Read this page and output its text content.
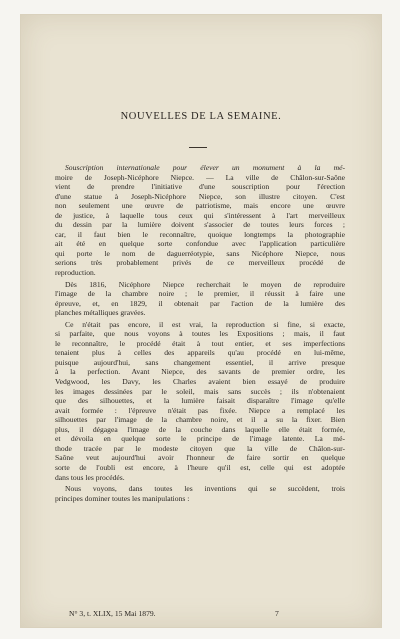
NOUVELLES DE LA SEMAINE.
Souscription internationale pour élever un monument à la mé-
moire de Joseph-Nicéphore Niepce. — La ville de Châlon-sur-Saône
vient de prendre l'initiative d'une souscription pour l'érection
d'une statue à Joseph-Nicéphore Niepce, son illustre citoyen. C'est
non seulement une œuvre de patriotisme, mais encore une œuvre
de justice, à laquelle tous ceux qui s'intéressent à l'art merveilleux
du dessin par la lumière doivent s'associer de toutes leurs forces ;
car, il faut bien le reconnaître, quoique longtemps la photographie
ait été en quelque sorte confondue avec l'application particulière
qui porte le nom de daguerréotypie, sans Nicéphore Niepce, nous
serions très probablement privés de ce merveilleux procédé de
reproduction.
Dès 1816, Nicéphore Niepce recherchait le moyen de reproduire
l'image de la chambre noire ; le premier, il réussit à faire une
épreuve, et, en 1829, il obtenait par l'action de la lumière des
planches métalliques gravées.
Ce n'était pas encore, il est vrai, la reproduction si fine, si exacte,
si parfaite, que nous voyons à toutes les Expositions ; mais, il faut
le reconnaître, le procédé était à tout entier, et ses imperfections
tenaient plus à celles des appareils qu'au procédé en lui-même,
puisque aujourd'hui, sans changement essentiel, il arrive presque
à la perfection. Avant Niepce, des savants de premier ordre, les
Vedgwood, les Davy, les Charles avaient bien essayé de produire
les images dessinées par le soleil, mais sans succès ; ils n'obtenaient
que des silhouettes, et la lumière faisait disparaître l'image qu'elle
avait formée : l'épreuve n'était pas fixée. Niepce a remplacé les
silhouettes par l'image de la chambre noire, et il a su la fixer. Bien
plus, il dégagea l'image de la couche dans laquelle elle était formée,
et dévoila en quelque sorte le principe de l'image latente. La mé-
thode tracée par le modeste citoyen que la ville de Châlon-sur-
Saône veut aujourd'hui avoir l'honneur de faire sortir en quelque
sorte de l'oubli est encore, à l'heure qu'il est, celle qui est adoptée
dans tous les procédés.
Nous voyons, dans toutes les inventions qui se succèdent, trois
principes dominer toutes les manipulations :
N° 3, t. XLIX, 15 Mai 1879.	7
